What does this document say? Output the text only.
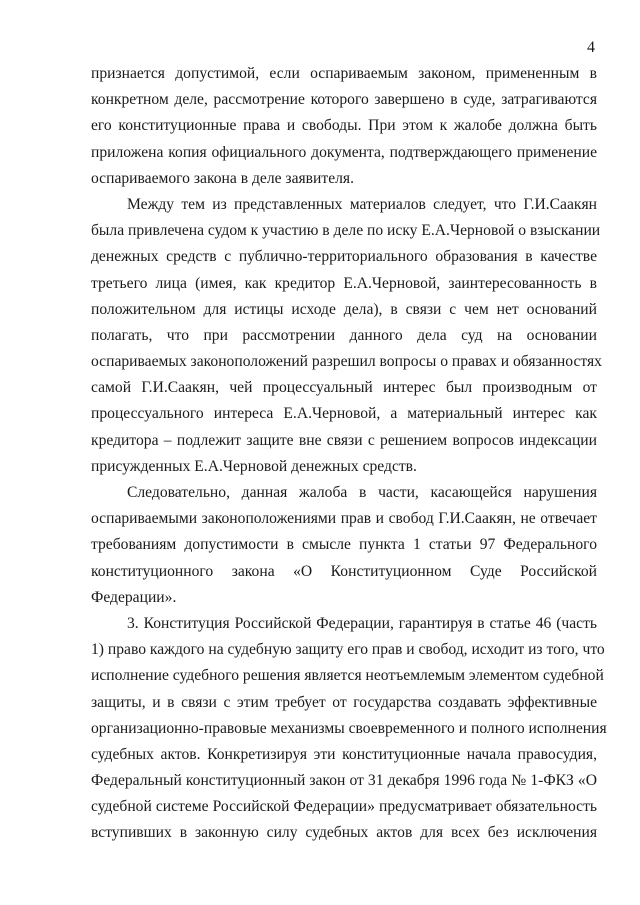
4
признается допустимой, если оспариваемым законом, примененным в
конкретном деле, рассмотрение которого завершено в суде, затрагиваются
его конституционные права и свободы. При этом к жалобе должна быть
приложена копия официального документа, подтверждающего применение
оспариваемого закона в деле заявителя.
Между тем из представленных материалов следует, что Г.И.Саакян
была привлечена судом к участию в деле по иску Е.А.Черновой о взыскании
денежных средств с публично-территориального образования в качестве
третьего лица (имея, как кредитор Е.А.Черновой, заинтересованность в
положительном для истицы исходе дела), в связи с чем нет оснований
полагать, что при рассмотрении данного дела суд на основании
оспариваемых законоположений разрешил вопросы о правах и обязанностях
самой Г.И.Саакян, чей процессуальный интерес был производным от
процессуального интереса Е.А.Черновой, а материальный интерес как
кредитора – подлежит защите вне связи с решением вопросов индексации
присужденных Е.А.Черновой денежных средств.
Следовательно, данная жалоба в части, касающейся нарушения
оспариваемыми законоположениями прав и свобод Г.И.Саакян, не отвечает
требованиям допустимости в смысле пункта 1 статьи 97 Федерального
конституционного закона «О Конституционном Суде Российской
Федерации».
3. Конституция Российской Федерации, гарантируя в статье 46 (часть
1) право каждого на судебную защиту его прав и свобод, исходит из того, что
исполнение судебного решения является неотъемлемым элементом судебной
защиты, и в связи с этим требует от государства создавать эффективные
организационно-правовые механизмы своевременного и полного исполнения
судебных актов. Конкретизируя эти конституционные начала правосудия,
Федеральный конституционный закон от 31 декабря 1996 года № 1-ФКЗ «О
судебной системе Российской Федерации» предусматривает обязательность
вступивших в законную силу судебных актов для всех без исключения
